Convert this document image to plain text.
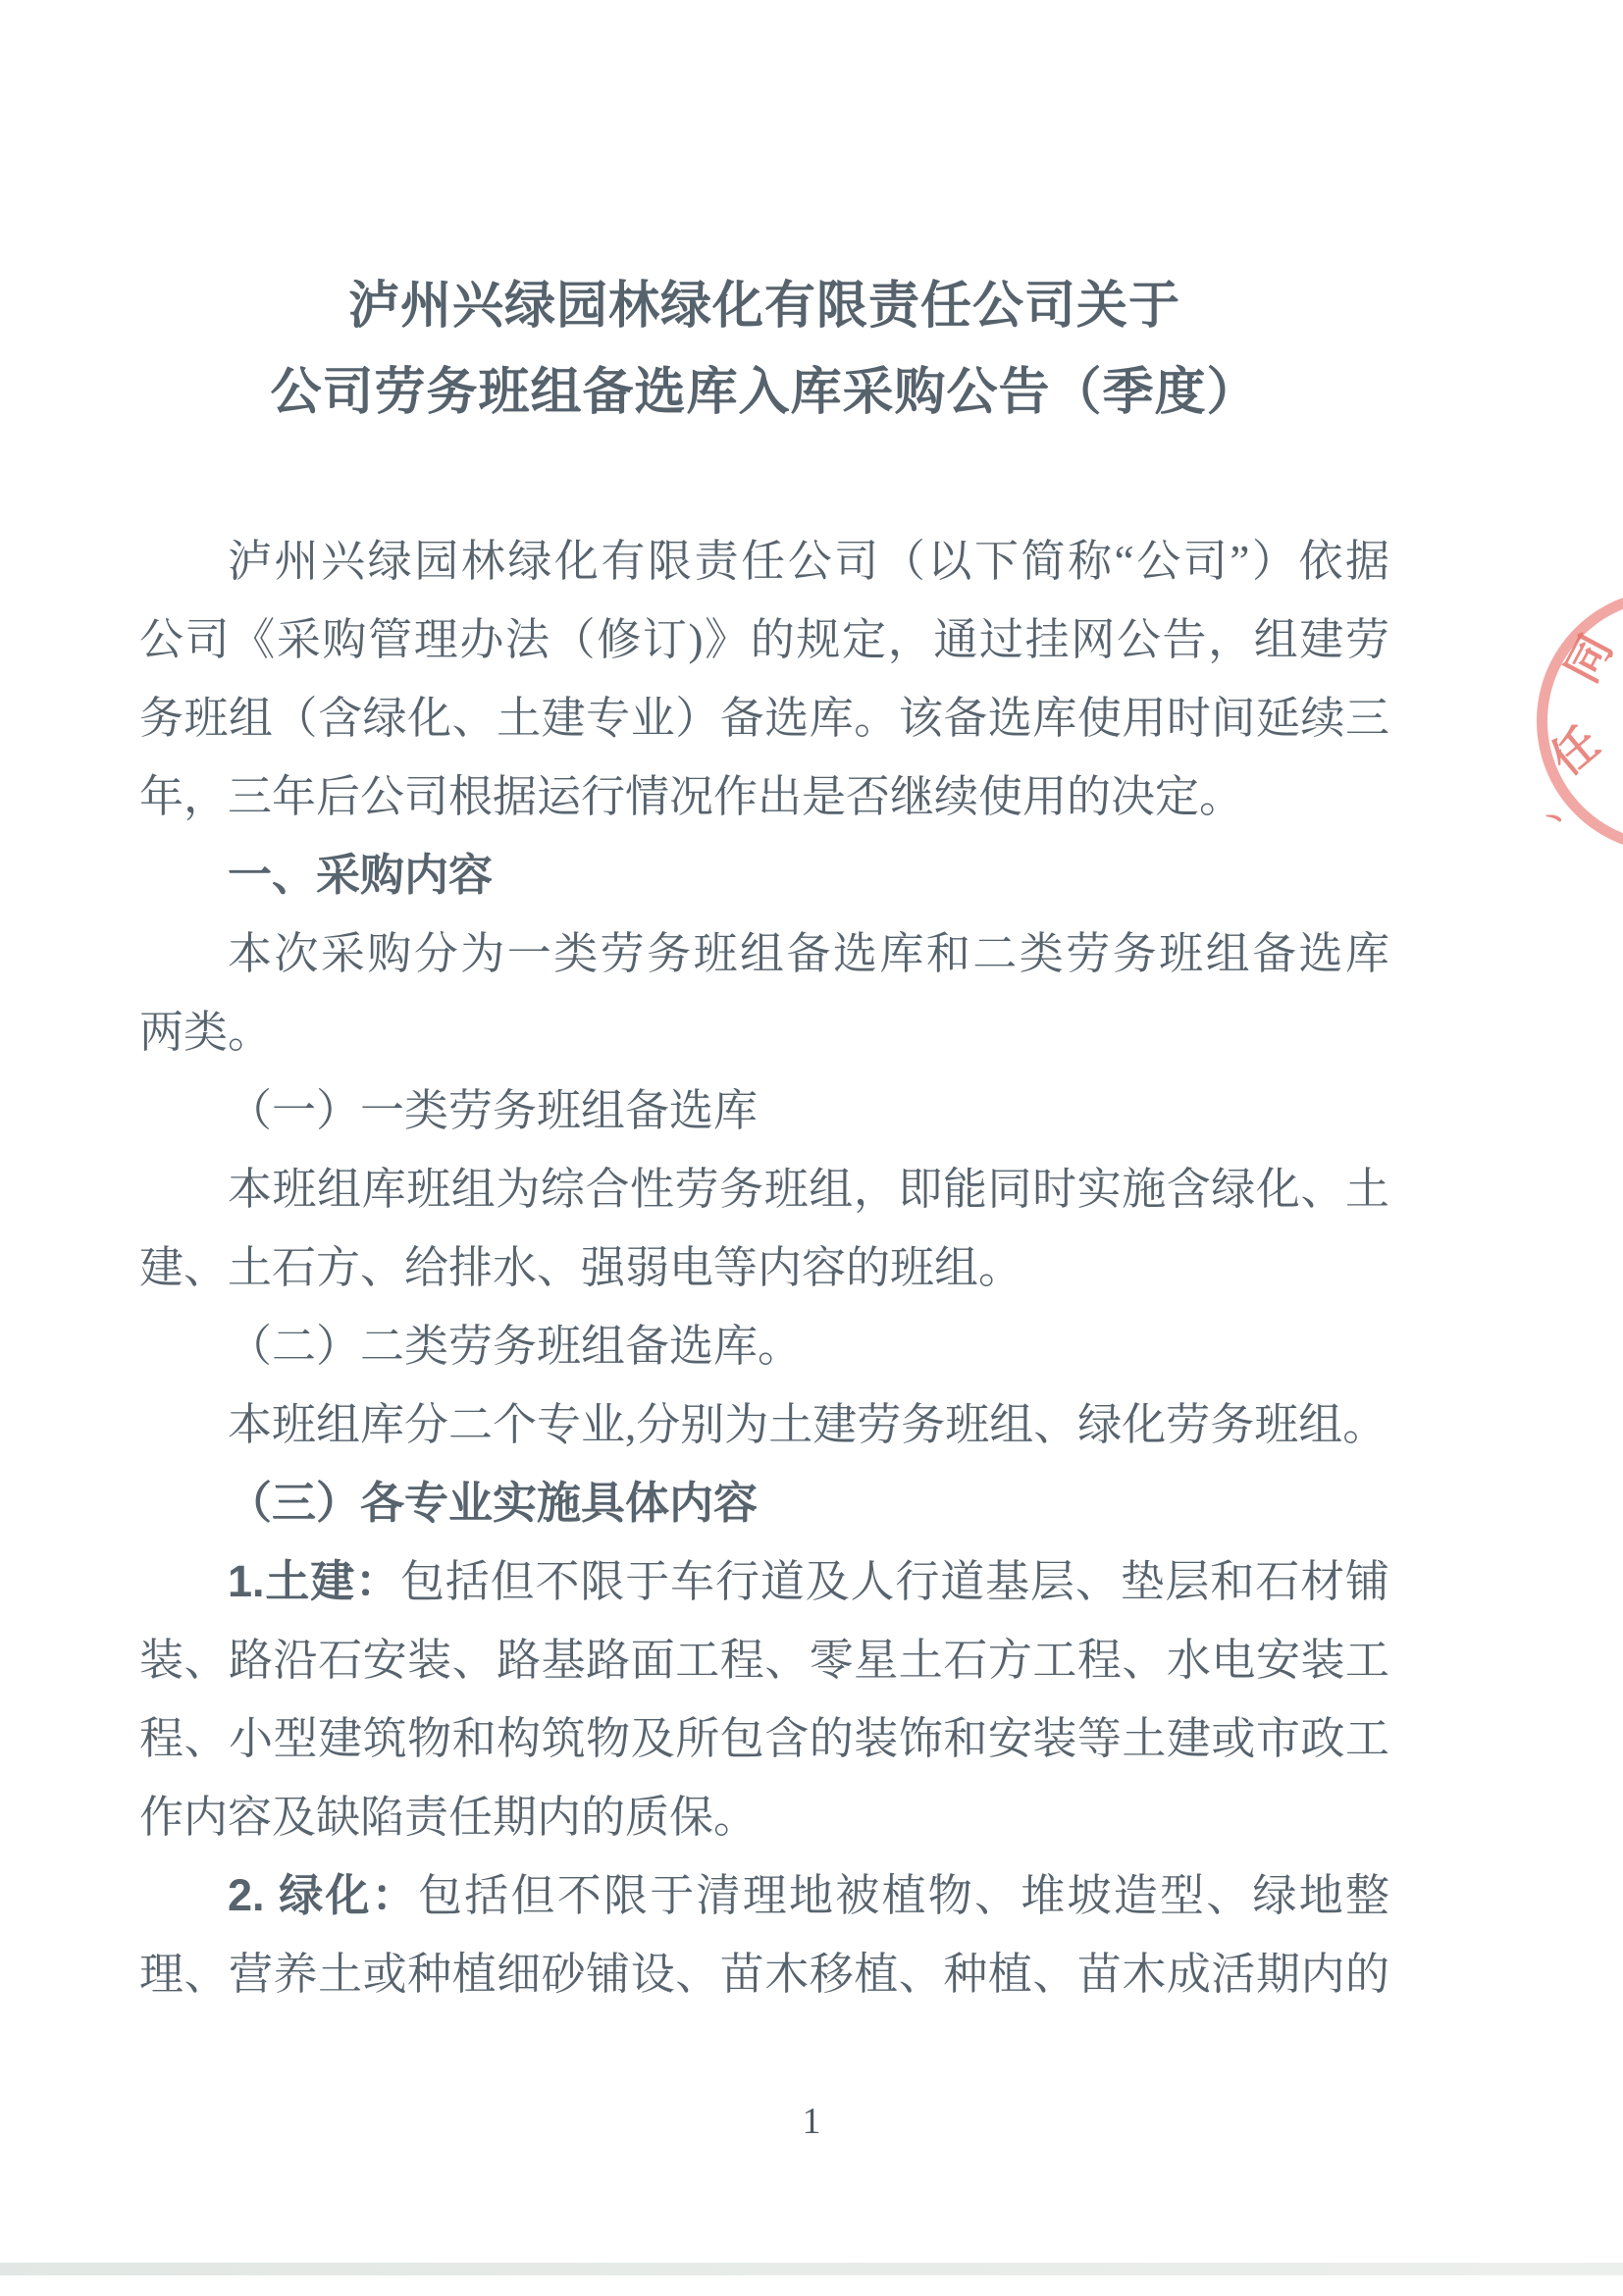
泸州兴绿园林绿化有限责任公司关于
公司劳务班组备选库入库采购公告（季度）
泸州兴绿园林绿化有限责任公司（以下简称“公司”）依据
公司《采购管理办法（修订)》的规定，通过挂网公告，组建劳
务班组（含绿化、土建专业）备选库。该备选库使用时间延续三
年，三年后公司根据运行情况作出是否继续使用的决定。
一、采购内容
本次采购分为一类劳务班组备选库和二类劳务班组备选库
两类。
（一）一类劳务班组备选库
本班组库班组为综合性劳务班组，即能同时实施含绿化、土
建、土石方、给排水、强弱电等内容的班组。
（二）二类劳务班组备选库。
本班组库分二个专业,分别为土建劳务班组、绿化劳务班组。
（三）各专业实施具体内容
1.土建：包括但不限于车行道及人行道基层、垫层和石材铺
装、路沿石安装、路基路面工程、零星土石方工程、水电安装工
程、小型建筑物和构筑物及所包含的装饰和安装等土建或市政工
作内容及缺陷责任期内的质保。
2. 绿化：包括但不限于清理地被植物、堆坡造型、绿地整
理、营养土或种植细砂铺设、苗木移植、种植、苗木成活期内的
1
同
任
丶
